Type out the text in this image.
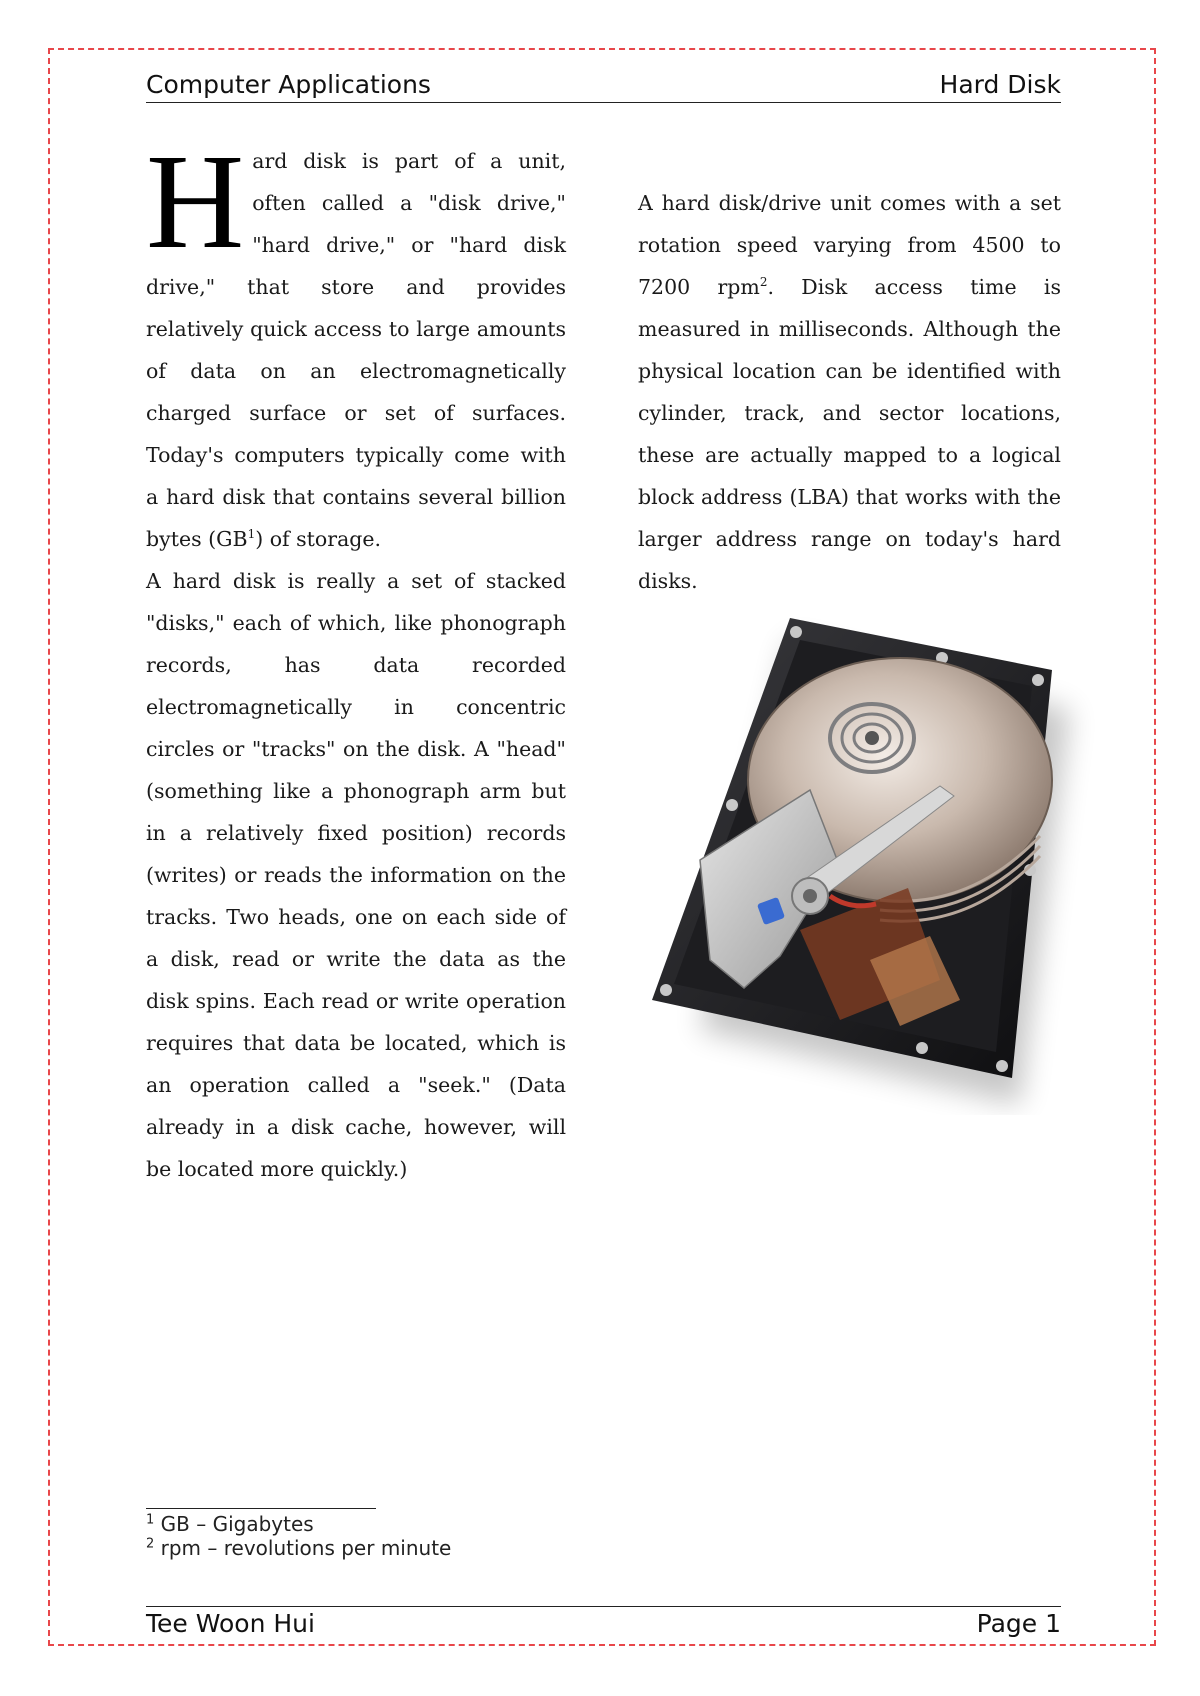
Computer Applications	Hard Disk

Hard disk is part of a unit, often called a "disk drive," "hard drive," or "hard disk drive," that store and provides relatively quick access to large amounts of data on an electromagnetically charged surface or set of surfaces. Today's computers typically come with a hard disk that contains several billion bytes $(GB^1)$ of storage.

A hard disk is really a set of stacked "disks," each of which, like phonograph records, has data recorded electromagnetically in concentric circles or "tracks" on the disk. A "head" (something like a phonograph arm but in a relatively fixed position) records (writes) or reads the information on the tracks. Two heads, one on each side of a disk, read or write the data as the disk spins. Each read or write operation requires that data be located, which is an operation called a "seek." (Data already in a disk cache, however, will be located more quickly.)

A hard disk/drive unit comes with a set rotation speed varying from 4500 to 7200 rpm$^2$. Disk access time is measured in milliseconds. Although the physical location can be identified with cylinder, track, and sector locations, these are actually mapped to a logical block address (LBA) that works with the larger address range on today's hard disks.

$^1$ GB – Gigabytes
$^2$ rpm – revolutions per minute
Tee Woon Hui	Page 1
